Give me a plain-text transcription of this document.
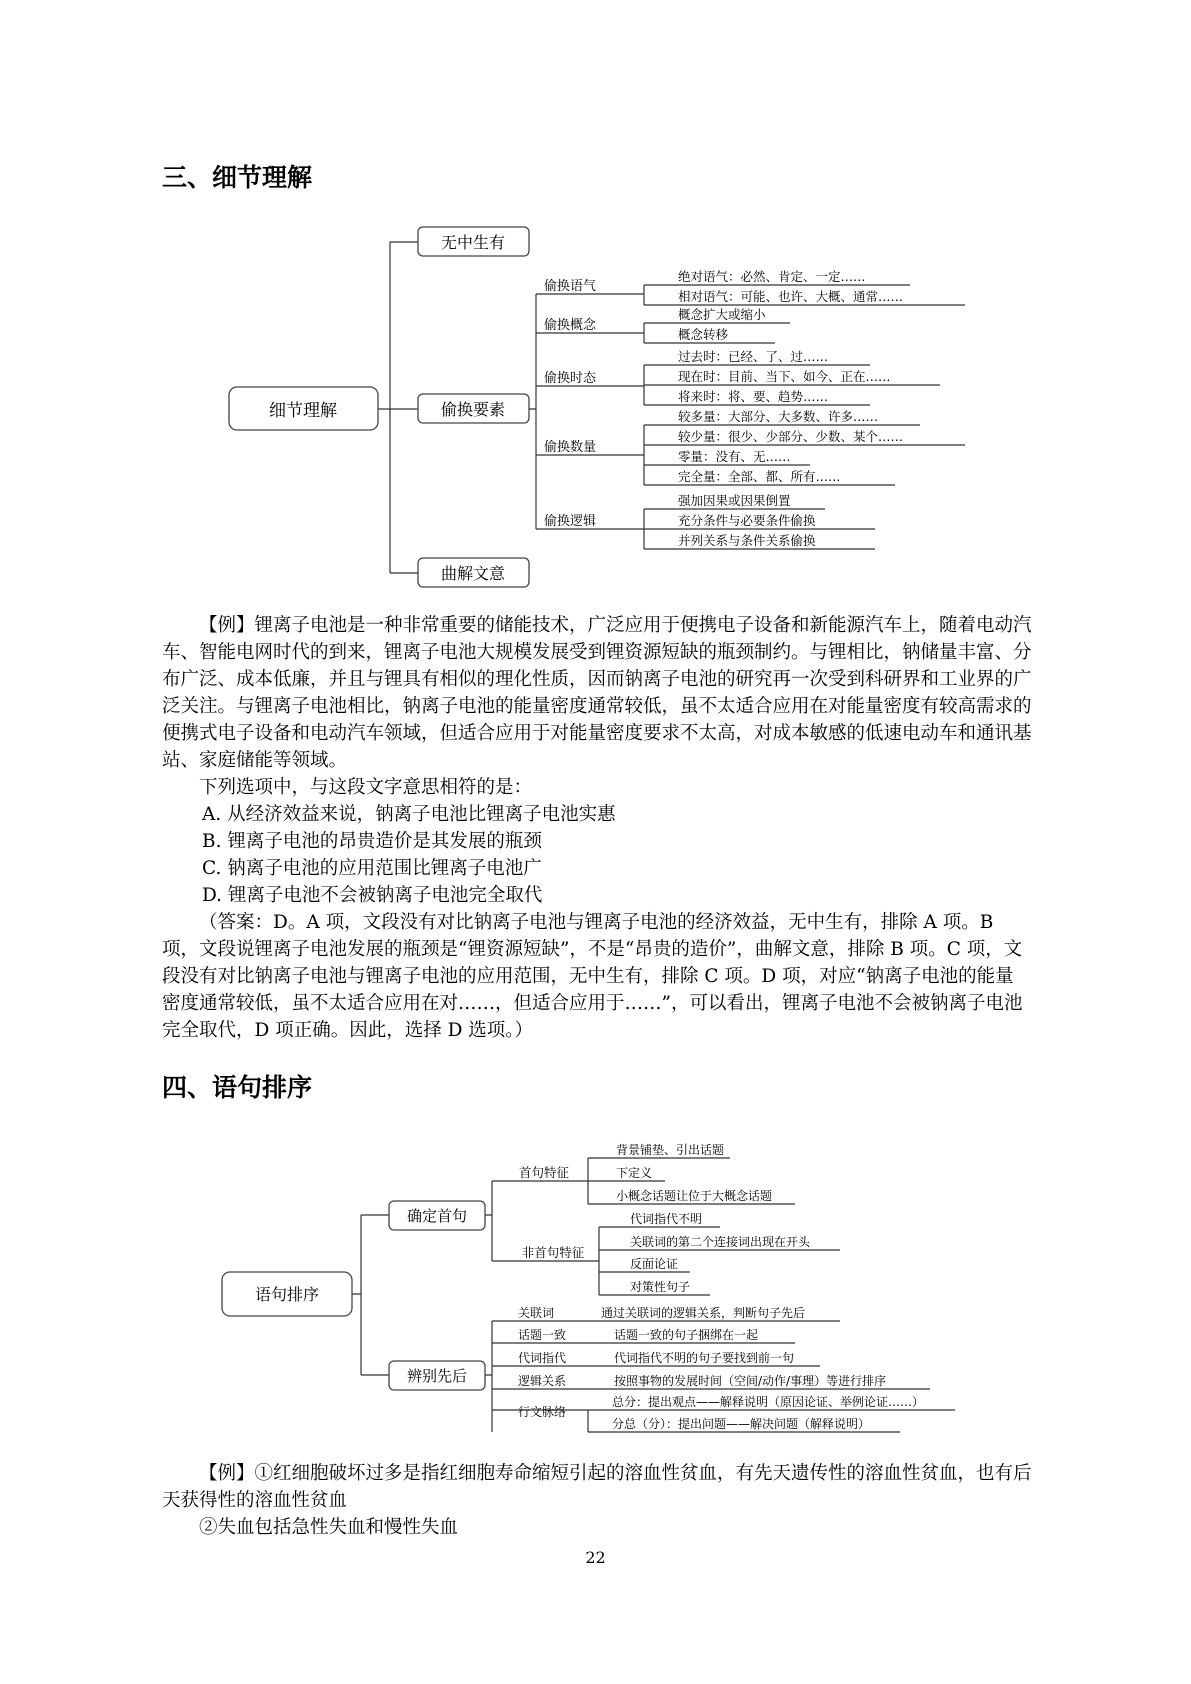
三、细节理解
细节理解
无中生有
偷换要素
曲解文意
偷换语气
偷换概念
偷换时态
偷换数量
偷换逻辑
绝对语气：必然、肯定、一定……
相对语气：可能、也许、大概、通常……
概念扩大或缩小
概念转移
过去时：已经、了、过……
现在时：目前、当下、如今、正在……
将来时：将、要、趋势……
较多量：大部分、大多数、许多……
较少量：很少、少部分、少数、某个……
零量：没有、无……
完全量：全部、都、所有……
强加因果或因果倒置
充分条件与必要条件偷换
并列关系与条件关系偷换

【例】锂离子电池是一种非常重要的储能技术，广泛应用于便携电子设备和新能源汽车上，随着电动汽车、智能电网时代的到来，锂离子电池大规模发展受到锂资源短缺的瓶颈制约。与锂相比，钠储量丰富、分布广泛、成本低廉，并且与锂具有相似的理化性质，因而钠离子电池的研究再一次受到科研界和工业界的广泛关注。与锂离子电池相比，钠离子电池的能量密度通常较低，虽不太适合应用在对能量密度有较高需求的便携式电子设备和电动汽车领域，但适合应用于对能量密度要求不太高，对成本敏感的低速电动车和通讯基站、家庭储能等领域。

下列选项中，与这段文字意思相符的是：

A. 从经济效益来说，钠离子电池比锂离子电池实惠

B. 锂离子电池的昂贵造价是其发展的瓶颈

C. 钠离子电池的应用范围比锂离子电池广

D. 锂离子电池不会被钠离子电池完全取代

（答案：D。A 项，文段没有对比钠离子电池与锂离子电池的经济效益，无中生有，排除 A 项。B 项，文段说锂离子电池发展的瓶颈是“锂资源短缺”，不是“昂贵的造价”，曲解文意，排除 B 项。C 项，文段没有对比钠离子电池与锂离子电池的应用范围，无中生有，排除 C 项。D 项，对应“钠离子电池的能量密度通常较低，虽不太适合应用在对……，但适合应用于……”，可以看出，锂离子电池不会被钠离子电池完全取代，D 项正确。因此，选择 D 选项。）

四、语句排序
语句排序
确定首句
辨别先后
首句特征
非首句特征
背景铺垫、引出话题
下定义
小概念话题让位于大概念话题
代词指代不明
关联词的第二个连接词出现在开头
反面论证
对策性句子
关联词	通过关联词的逻辑关系，判断句子先后
话题一致	话题一致的句子捆绑在一起
代词指代	代词指代不明的句子要找到前一句
逻辑关系	按照事物的发展时间（空间/动作/事理）等进行排序
行文脉络
总分：提出观点——解释说明（原因论证、举例论证……）
分总（分）：提出问题——解决问题（解释说明）

【例】①红细胞破坏过多是指红细胞寿命缩短引起的溶血性贫血，有先天遗传性的溶血性贫血，也有后天获得性的溶血性贫血

②失血包括急性失血和慢性失血

22
